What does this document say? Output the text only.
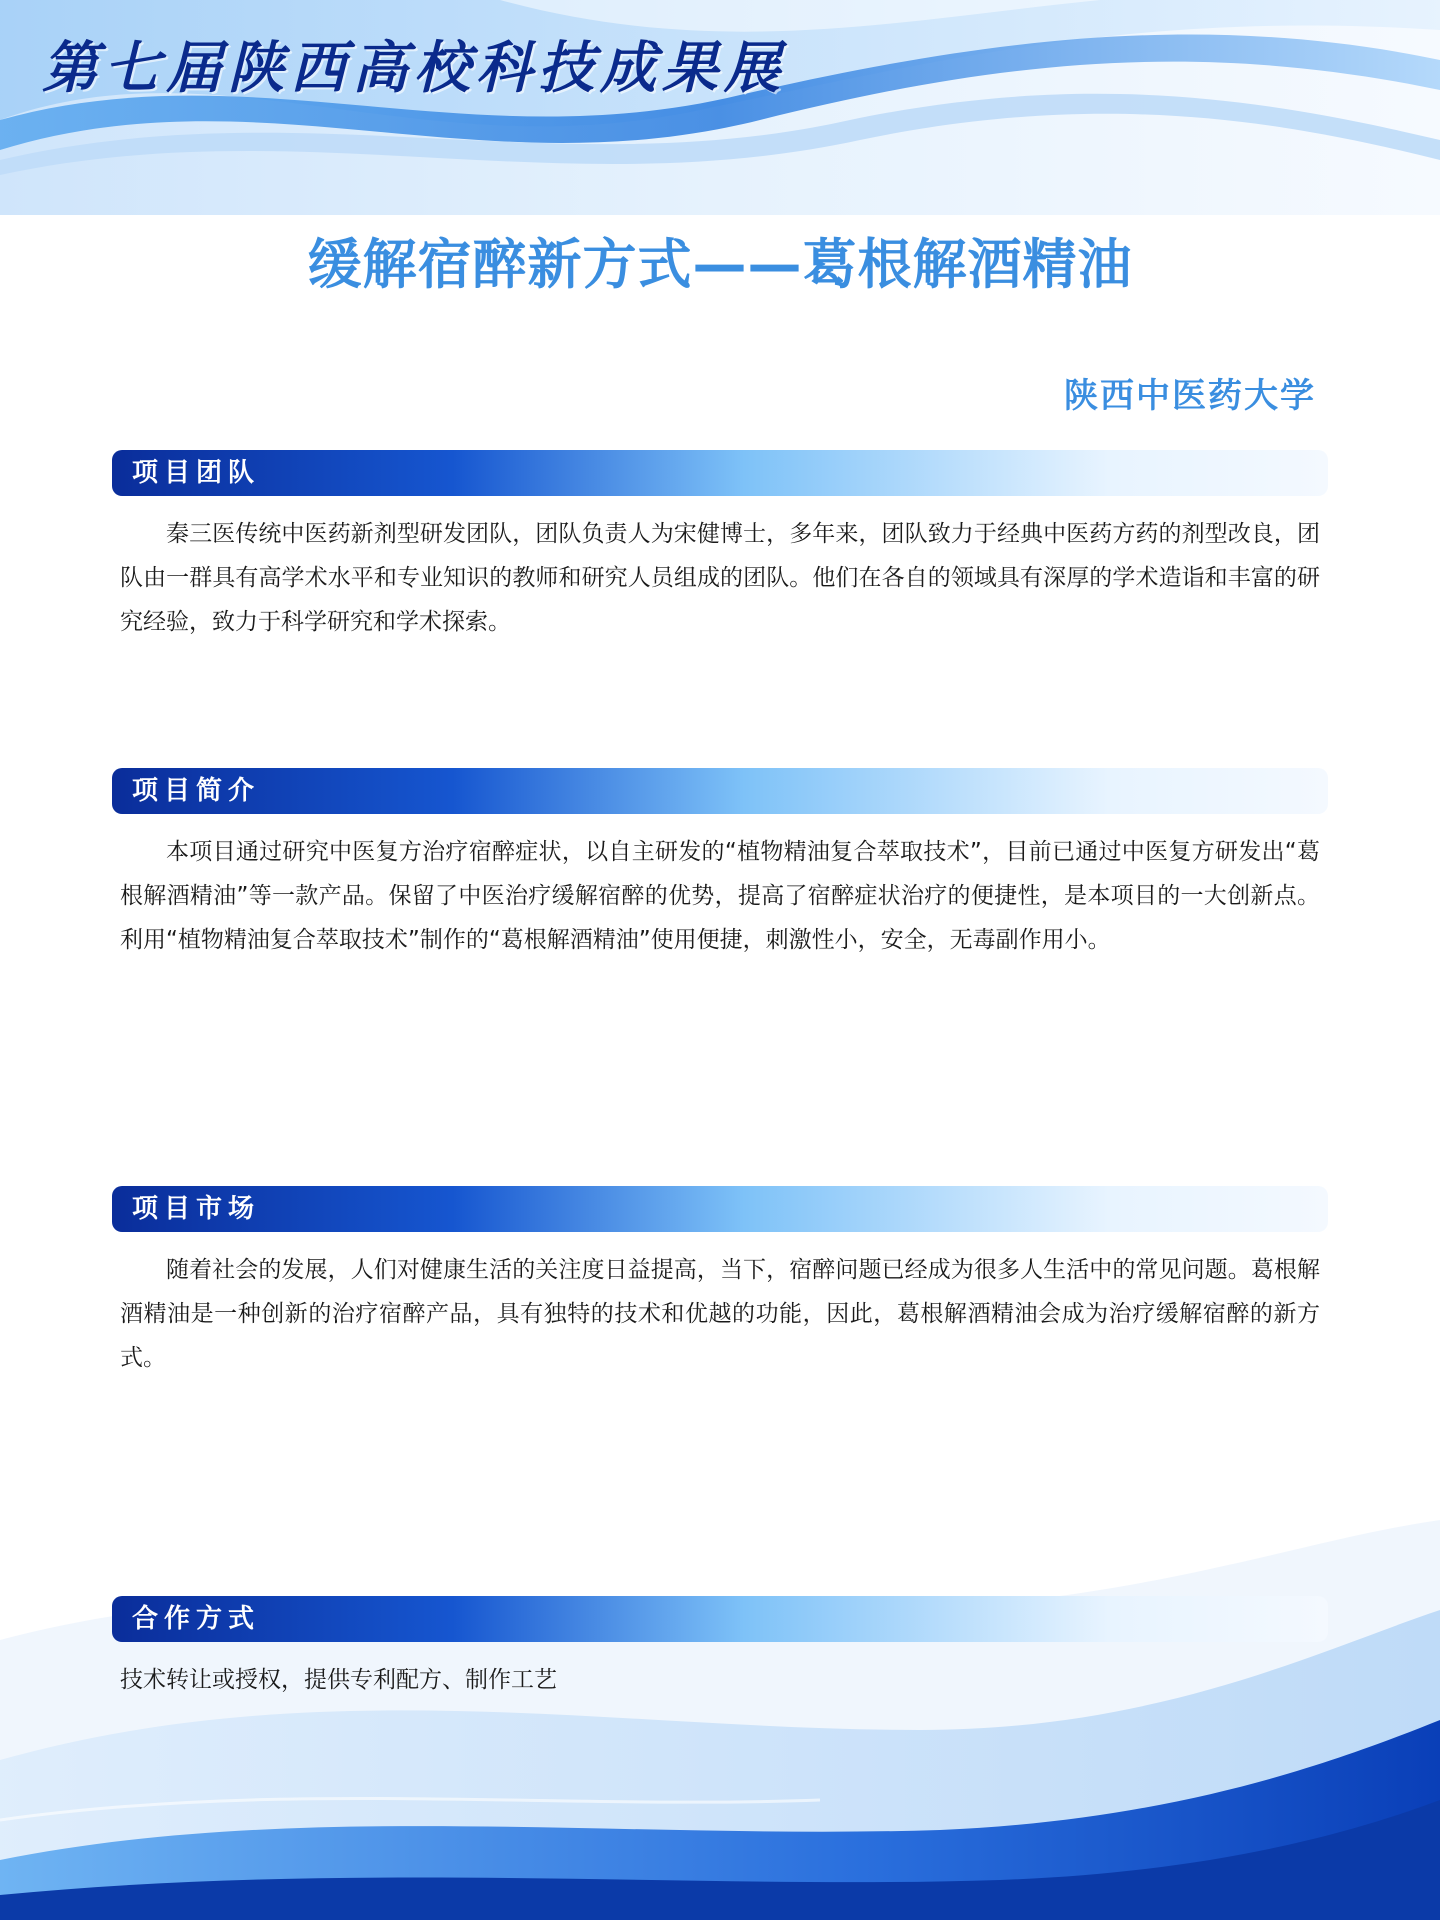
第七届陕西高校科技成果展
缓解宿醉新方式——葛根解酒精油
陕西中医药大学
项目团队
秦三医传统中医药新剂型研发团队，团队负责人为宋健博士，多年来，团队致力于经典中医药方药的剂型改良，团队由一群具有高学术水平和专业知识的教师和研究人员组成的团队。他们在各自的领域具有深厚的学术造诣和丰富的研究经验，致力于科学研究和学术探索。
项目简介
本项目通过研究中医复方治疗宿醉症状，以自主研发的“植物精油复合萃取技术”，目前已通过中医复方研发出“葛根解酒精油”等一款产品。保留了中医治疗缓解宿醉的优势，提高了宿醉症状治疗的便捷性，是本项目的一大创新点。利用“植物精油复合萃取技术”制作的“葛根解酒精油”使用便捷，刺激性小，安全，无毒副作用小。
项目市场
随着社会的发展，人们对健康生活的关注度日益提高，当下，宿醉问题已经成为很多人生活中的常见问题。葛根解酒精油是一种创新的治疗宿醉产品，具有独特的技术和优越的功能，因此，葛根解酒精油会成为治疗缓解宿醉的新方式。
合作方式
技术转让或授权，提供专利配方、制作工艺
